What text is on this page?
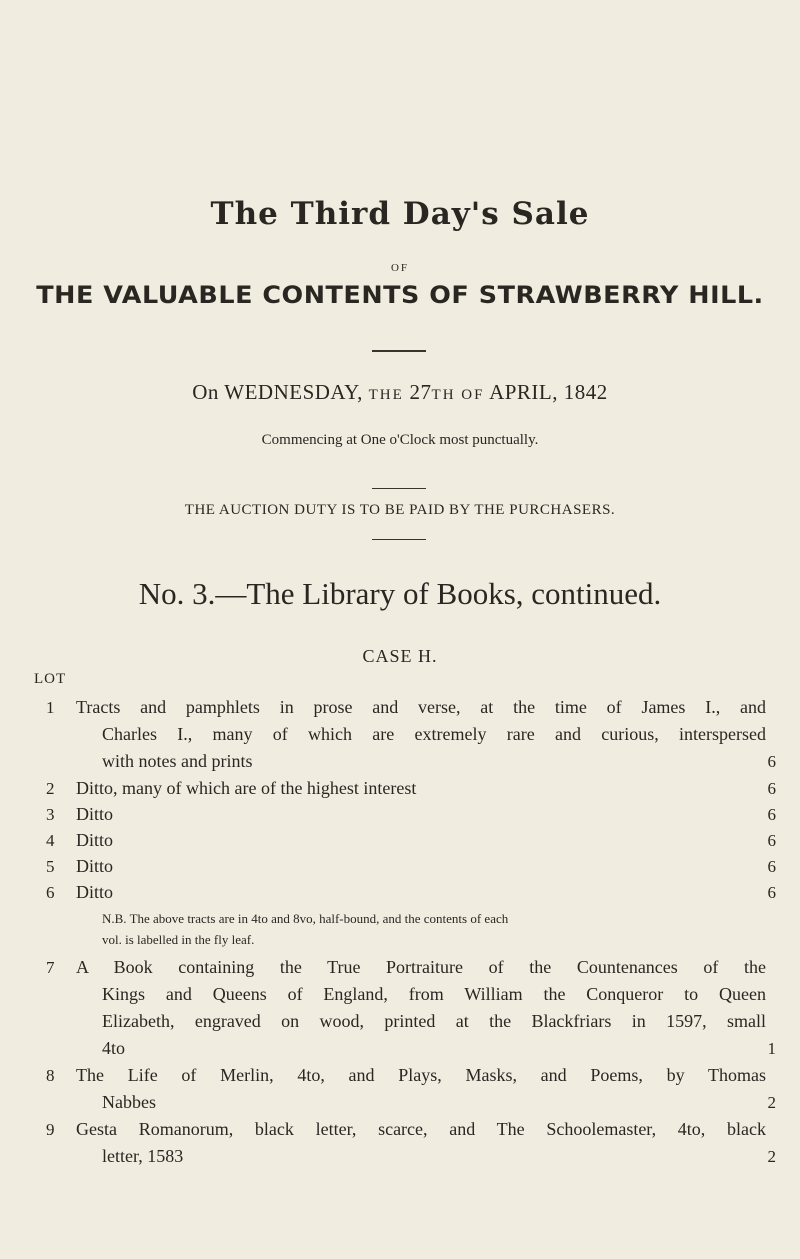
The Third Day's Sale
OF
THE VALUABLE CONTENTS OF STRAWBERRY HILL.
On WEDNESDAY, THE 27TH OF APRIL, 1842
Commencing at One o'Clock most punctually.
THE AUCTION DUTY IS TO BE PAID BY THE PURCHASERS.
No. 3.—The Library of Books, continued.
CASE H.
LOT
1 Tracts and pamphlets in prose and verse, at the time of James I., and
Charles I., many of which are extremely rare and curious, interspersed
with notes and prints	6
2 Ditto, many of which are of the highest interest	6
3 Ditto	6
4 Ditto	6
5 Ditto	6
6 Ditto	6
N.B. The above tracts are in 4to and 8vo, half-bound, and the contents of each
vol. is labelled in the fly leaf.
7 A Book containing the True Portraiture of the Countenances of the
Kings and Queens of England, from William the Conqueror to Queen
Elizabeth, engraved on wood, printed at the Blackfriars in 1597, small
4to	1
8 The Life of Merlin, 4to, and Plays, Masks, and Poems, by Thomas
Nabbes	2
9 Gesta Romanorum, black letter, scarce, and The Schoolemaster, 4to, black
letter, 1583	2
